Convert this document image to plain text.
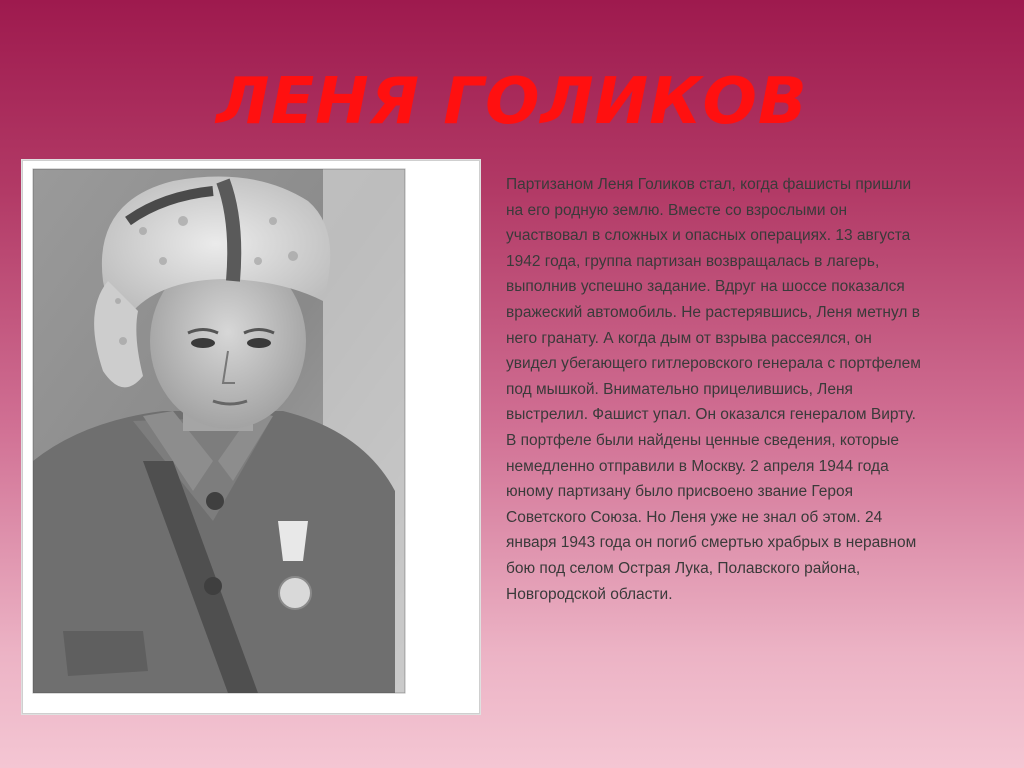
ЛЕНЯ ГОЛИКОВ

Партизаном Леня Голиков стал, когда фашисты пришли на его родную землю. Вместе со взрослыми он участвовал в сложных и опасных операциях. 13 августа 1942 года, группа партизан возвращалась в лагерь, выполнив успешно задание. Вдруг на шоссе показался вражеский автомобиль. Не растерявшись, Леня метнул в него гранату. А когда дым от взрыва рассеялся, он увидел убегающего гитлеровского генерала с портфелем под мышкой. Внимательно прицелившись, Леня выстрелил. Фашист упал. Он оказался генералом Вирту. В портфеле были найдены ценные сведения, которые немедленно отправили в Москву. 2 апреля 1944 года юному партизану было присвоено звание Героя Советского Союза. Но Леня уже не знал об этом. 24 января 1943 года он погиб смертью храбрых в неравном бою под селом Острая Лука, Полавского района, Новгородской области.
